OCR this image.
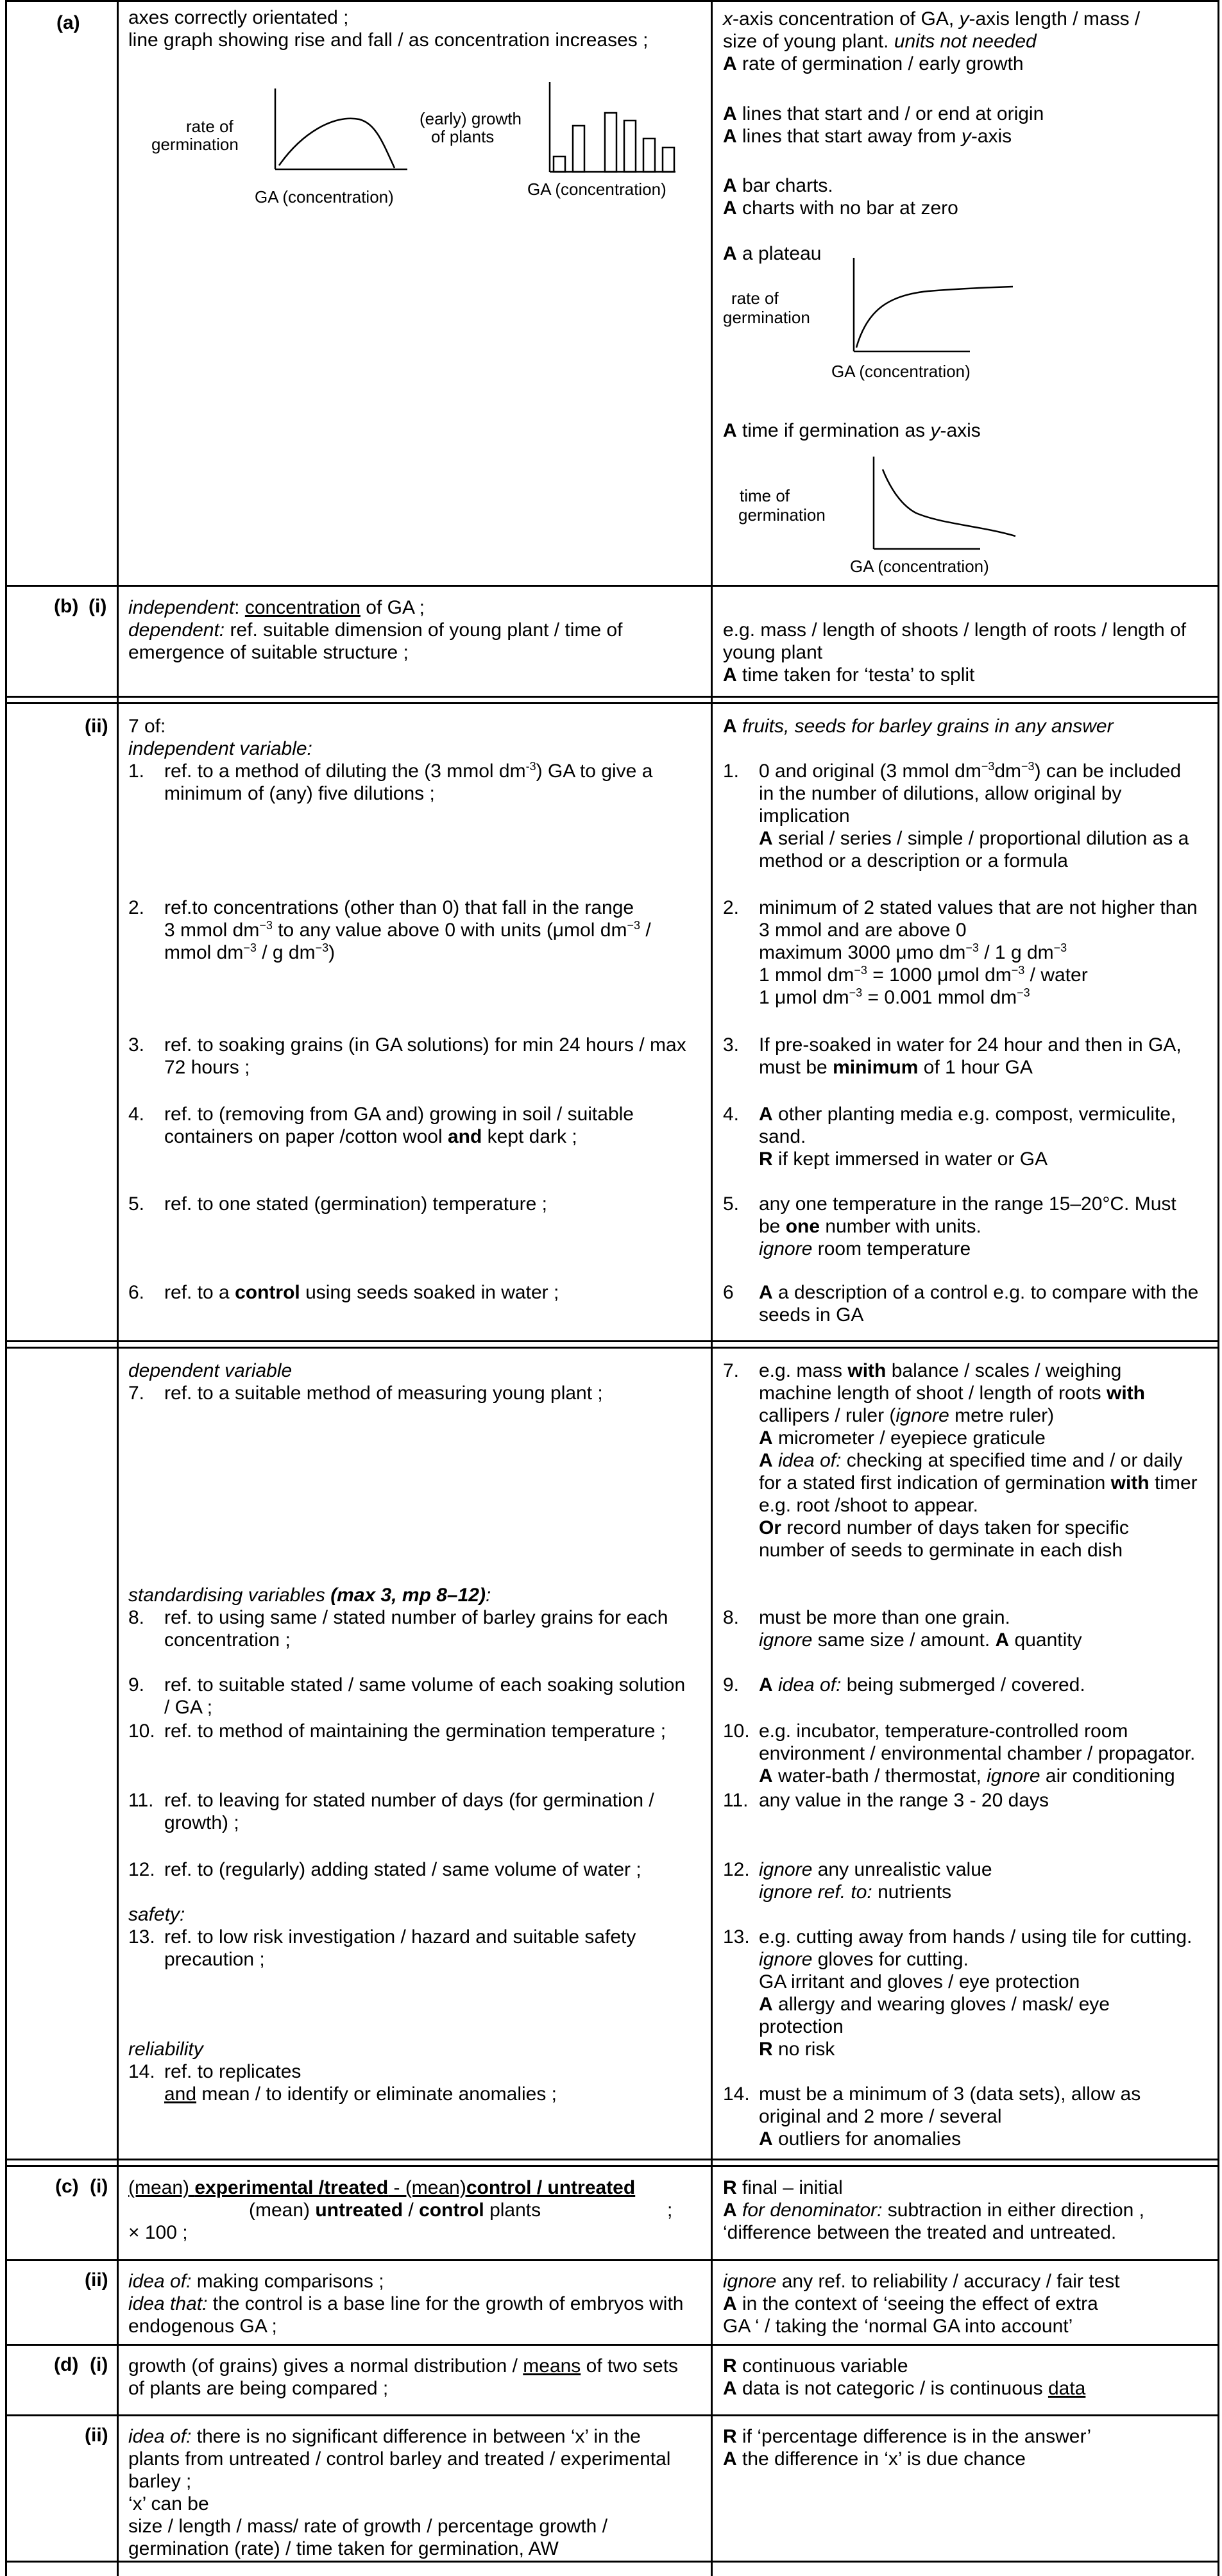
(a)	axes correctly orientated ;
line graph showing rise and fall / as concentration increases ;
rate of
germination
GA (concentration)
(early) growth
of plants
GA (concentration)
x-axis concentration of GA, y-axis length / mass /
size of young plant. units not needed
A rate of germination / early growth
A lines that start and / or end at origin
A lines that start away from y-axis
A bar charts.
A charts with no bar at zero
A a plateau
rate of
germination
GA (concentration)
A time if germination as y-axis
time of
germination
GA (concentration)
(b) (i) independent: concentration of GA ;
dependent: ref. suitable dimension of young plant / time of
emergence of suitable structure ;
e.g. mass / length of shoots / length of roots / length of
young plant
A time taken for ‘testa’ to split
(ii) 7 of:
independent variable:
A fruits, seeds for barley grains in any answer
1. ref. to a method of diluting the (3 mmol $dm^{-3}$) GA to give a
minimum of (any) five dilutions ;
2. ref.to concentrations (other than 0) that fall in the range
3 mmol $dm^{-3}$ to any value above 0 with units (μmol $dm^{-3}$ /
mmol $dm^{-3}$ / g $dm^{-3}$)
3. ref. to soaking grains (in GA solutions) for min 24 hours / max
72 hours ;
4. ref. to (removing from GA and) growing in soil / suitable
containers on paper /cotton wool and kept dark ;
5. ref. to one stated (germination) temperature ;
6. ref. to a control using seeds soaked in water ;
1. 0 and original (3 mmol $dm^{-3}dm^{-3}$) can be included
in the number of dilutions, allow original by
implication
A serial / series / simple / proportional dilution as a
method or a description or a formula
2. minimum of 2 stated values that are not higher than
3 mmol and are above 0
maximum 3000 μmo $dm^{-3} / 1$ g $dm^{-3}$
1 mmol $dm^{-3} = 1000$ μmol $dm^{-3}$ / water
1 μmol $dm^{-3} = 0.001$ mmol $dm^{-3}$
3. If pre-soaked in water for 24 hour and then in GA,
must be minimum of 1 hour GA
4. A other planting media e.g. compost, vermiculite,
sand.
R if kept immersed in water or GA
5. any one temperature in the range 15–20°C. Must
be one number with units.
ignore room temperature
6 A a description of a control e.g. to compare with the
seeds in GA
dependent variable
7. ref. to a suitable method of measuring young plant ;
standardising variables (max 3, mp 8–12):
8. ref. to using same / stated number of barley grains for each
concentration ;
9. ref. to suitable stated / same volume of each soaking solution
/ GA ;
10. ref. to method of maintaining the germination temperature ;
11. ref. to leaving for stated number of days (for germination /
growth) ;
12. ref. to (regularly) adding stated / same volume of water ;
safety:
13. ref. to low risk investigation / hazard and suitable safety
precaution ;
reliability
14. ref. to replicates
and mean / to identify or eliminate anomalies ;
7. e.g. mass with balance / scales / weighing
machine length of shoot / length of roots with
callipers / ruler (ignore metre ruler)
A micrometer / eyepiece graticule
A idea of: checking at specified time and / or daily
for a stated first indication of germination with timer
e.g. root /shoot to appear.
Or record number of days taken for specific
number of seeds to germinate in each dish
8. must be more than one grain.
ignore same size / amount. A quantity
9. A idea of: being submerged / covered.
10. e.g. incubator, temperature-controlled room
environment / environmental chamber / propagator.
A water-bath / thermostat, ignore air conditioning
11. any value in the range 3 - 20 days
12. ignore any unrealistic value
ignore ref. to: nutrients
13. e.g. cutting away from hands / using tile for cutting.
ignore gloves for cutting.
GA irritant and gloves / eye protection
A allergy and wearing gloves / mask/ eye
protection
R no risk
14. must be a minimum of 3 (data sets), allow as
original and 2 more / several
A outliers for anomalies
(c) (i) (mean) experimental /treated - (mean)control / untreated
(mean) untreated / control plants	;
× 100 ;
R final – initial
A for denominator: subtraction in either direction ,
‘difference between the treated and untreated.
(ii) idea of: making comparisons ;
idea that: the control is a base line for the growth of embryos with
endogenous GA ;
ignore any ref. to reliability / accuracy / fair test
A in the context of ‘seeing the effect of extra
GA ‘ / taking the ‘normal GA into account’
(d) (i) growth (of grains) gives a normal distribution / means of two sets
of plants are being compared ;
R continuous variable
A data is not categoric / is continuous data
(ii) idea of: there is no significant difference in between ‘x’ in the
plants from untreated / control barley and treated / experimental
barley ;
‘x’ can be
size / length / mass/ rate of growth / percentage growth /
germination (rate) / time taken for germination, AW
R if ‘percentage difference is in the answer’
A the difference in ‘x’ is due chance
